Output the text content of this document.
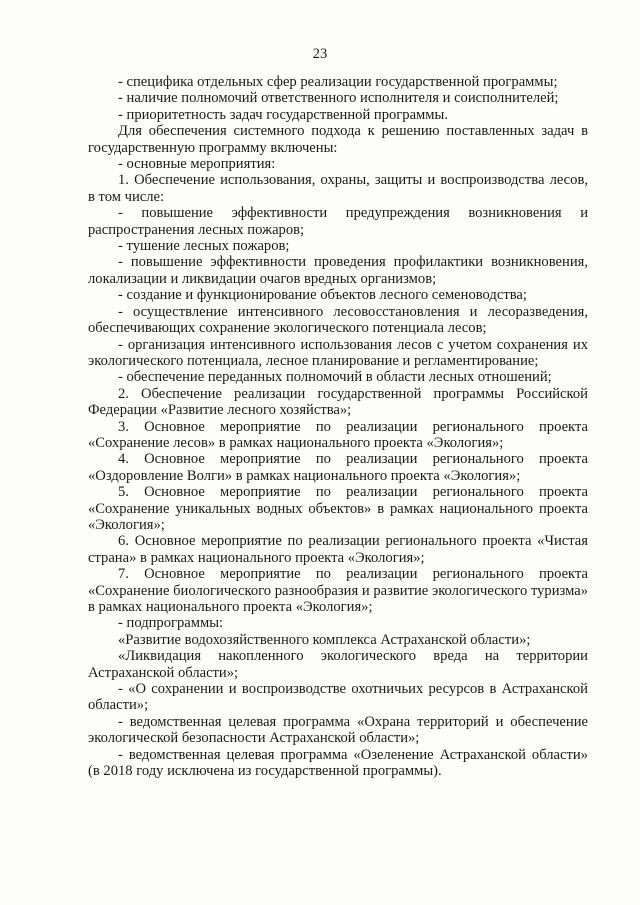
23

- специфика отдельных сфер реализации государственной программы;

- наличие полномочий ответственного исполнителя и соисполнителей;

- приоритетность задач государственной программы.

Для обеспечения системного подхода к решению поставленных задач в государственную программу включены:

- основные мероприятия:

1. Обеспечение использования, охраны, защиты и воспроизводства лесов, в том числе:

- повышение эффективности предупреждения возникновения и распространения лесных пожаров;

- тушение лесных пожаров;

- повышение эффективности проведения профилактики возникновения, локализации и ликвидации очагов вредных организмов;

- создание и функционирование объектов лесного семеноводства;

- осуществление интенсивного лесовосстановления и лесоразведения, обеспечивающих сохранение экологического потенциала лесов;

- организация интенсивного использования лесов с учетом сохранения их экологического потенциала, лесное планирование и регламентирование;

- обеспечение переданных полномочий в области лесных отношений;

2. Обеспечение реализации государственной программы Российской Федерации «Развитие лесного хозяйства»;

3. Основное мероприятие по реализации регионального проекта «Сохранение лесов» в рамках национального проекта «Экология»;

4. Основное мероприятие по реализации регионального проекта «Оздоровление Волги» в рамках национального проекта «Экология»;

5. Основное мероприятие по реализации регионального проекта «Сохранение уникальных водных объектов» в рамках национального проекта «Экология»;

6. Основное мероприятие по реализации регионального проекта «Чистая страна» в рамках национального проекта «Экология»;

7. Основное мероприятие по реализации регионального проекта «Сохранение биологического разнообразия и развитие экологического туризма» в рамках национального проекта «Экология»;

- подпрограммы:

«Развитие водохозяйственного комплекса Астраханской области»;

«Ликвидация накопленного экологического вреда на территории Астраханской области»;

- «О сохранении и воспроизводстве охотничьих ресурсов в Астраханской области»;

- ведомственная целевая программа «Охрана территорий и обеспечение экологической безопасности Астраханской области»;

- ведомственная целевая программа «Озеленение Астраханской области» (в 2018 году исключена из государственной программы).
